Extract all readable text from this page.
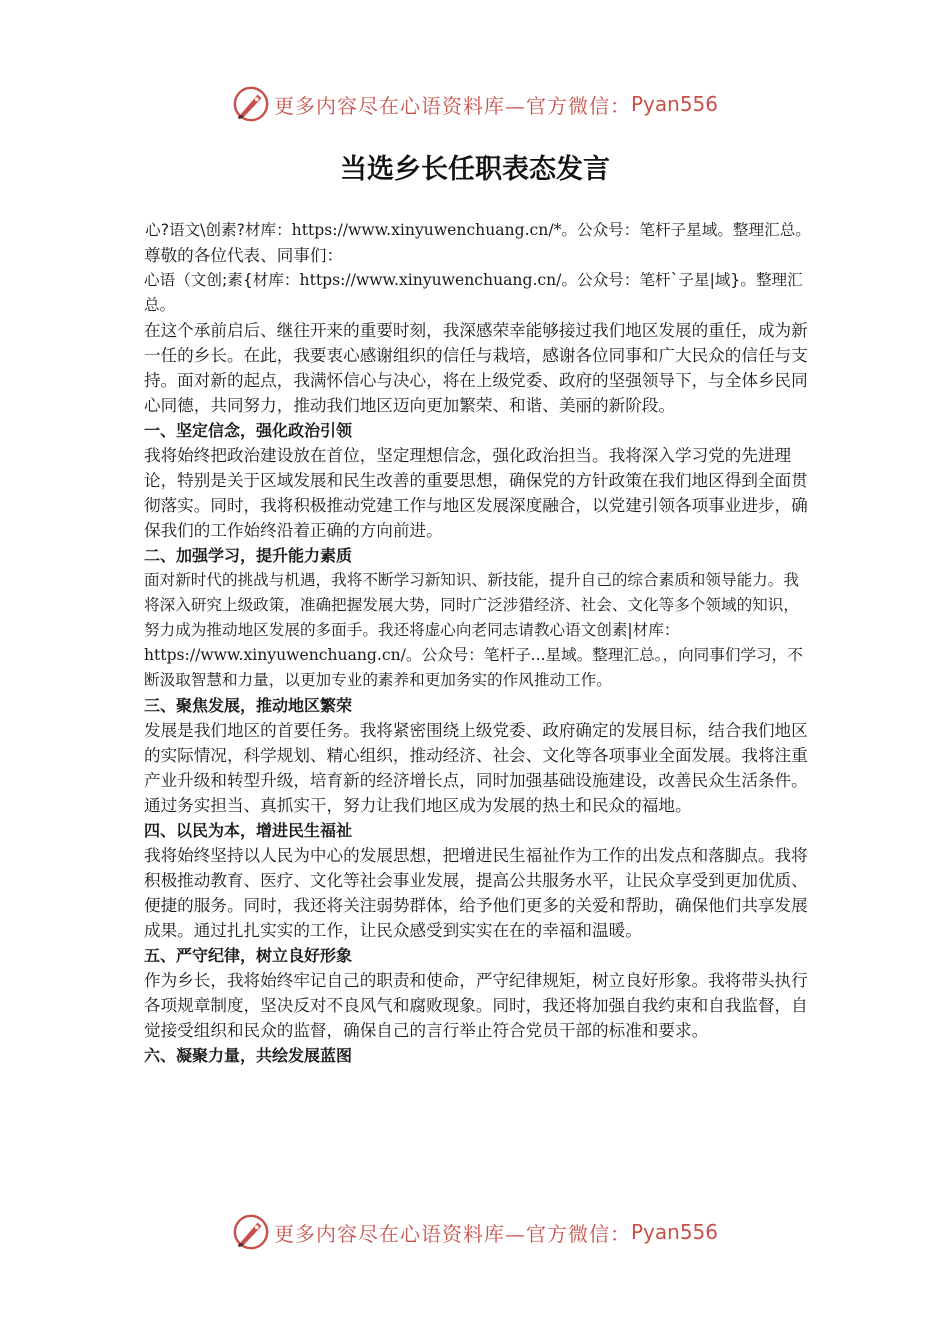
更多内容尽在心语资料库—官方微信： Pyan556
当选乡长任职表态发言

心?语文\创素?材库：https://www.xinyuwenchuang.cn/*。公众号：笔杆子星域。整理汇总。

尊敬的各位代表、同事们：

心语（文创;素{材库：https://www.xinyuwenchuang.cn/。公众号：笔杆`子星|域}。整理汇总。

在这个承前启后、继往开来的重要时刻，我深感荣幸能够接过我们地区发展的重任，成为新一任的乡长。在此，我要衷心感谢组织的信任与栽培，感谢各位同事和广大民众的信任与支持。面对新的起点，我满怀信心与决心，将在上级党委、政府的坚强领导下，与全体乡民同心同德，共同努力，推动我们地区迈向更加繁荣、和谐、美丽的新阶段。

一、坚定信念，强化政治引领

我将始终把政治建设放在首位，坚定理想信念，强化政治担当。我将深入学习党的先进理论，特别是关于区域发展和民生改善的重要思想，确保党的方针政策在我们地区得到全面贯彻落实。同时，我将积极推动党建工作与地区发展深度融合，以党建引领各项事业进步，确保我们的工作始终沿着正确的方向前进。

二、加强学习，提升能力素质

面对新时代的挑战与机遇，我将不断学习新知识、新技能，提升自己的综合素质和领导能力。我将深入研究上级政策，准确把握发展大势，同时广泛涉猎经济、社会、文化等多个领域的知识，努力成为推动地区发展的多面手。我还将虚心向老同志请教心语文创素|材库：https://www.xinyuwenchuang.cn/。公众号：笔杆子...星域。整理汇总。，向同事们学习，不断汲取智慧和力量，以更加专业的素养和更加务实的作风推动工作。

三、聚焦发展，推动地区繁荣

发展是我们地区的首要任务。我将紧密围绕上级党委、政府确定的发展目标，结合我们地区的实际情况，科学规划、精心组织，推动经济、社会、文化等各项事业全面发展。我将注重产业升级和转型升级，培育新的经济增长点，同时加强基础设施建设，改善民众生活条件。通过务实担当、真抓实干，努力让我们地区成为发展的热土和民众的福地。

四、以民为本，增进民生福祉

我将始终坚持以人民为中心的发展思想，把增进民生福祉作为工作的出发点和落脚点。我将积极推动教育、医疗、文化等社会事业发展，提高公共服务水平，让民众享受到更加优质、便捷的服务。同时，我还将关注弱势群体，给予他们更多的关爱和帮助，确保他们共享发展成果。通过扎扎实实的工作，让民众感受到实实在在的幸福和温暖。

五、严守纪律，树立良好形象

作为乡长，我将始终牢记自己的职责和使命，严守纪律规矩，树立良好形象。我将带头执行各项规章制度，坚决反对不良风气和腐败现象。同时，我还将加强自我约束和自我监督，自觉接受组织和民众的监督，确保自己的言行举止符合党员干部的标准和要求。

六、凝聚力量，共绘发展蓝图

更多内容尽在心语资料库—官方微信： Pyan556
